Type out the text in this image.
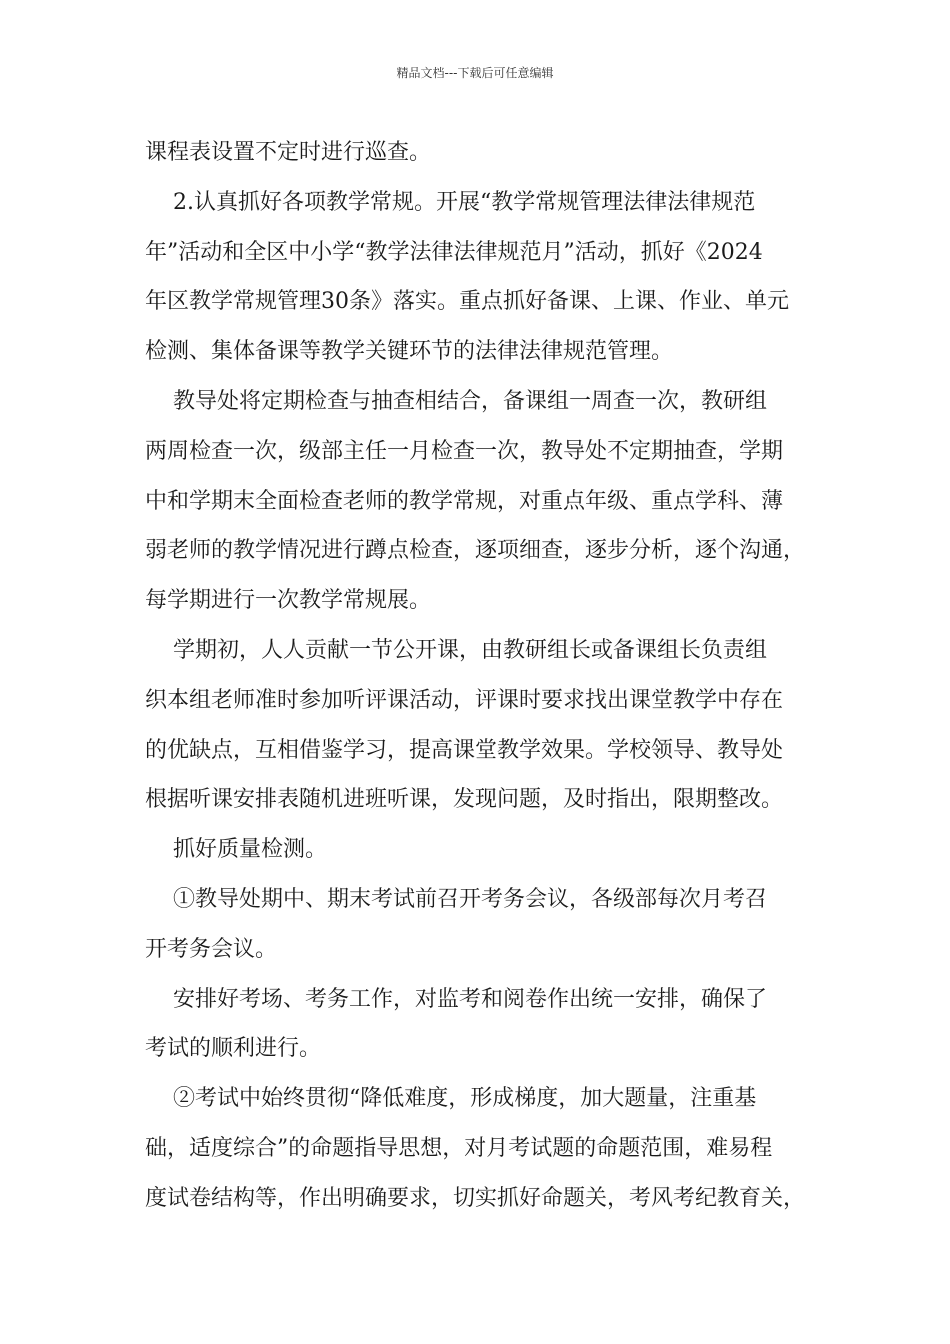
精品文档---下载后可任意编辑
课程表设置不定时进行巡查。
2.认真抓好各项教学常规。开展“教学常规管理法律法律规范
年”活动和全区中小学“教学法律法律规范月”活动，抓好《2024
年区教学常规管理30条》落实。重点抓好备课、上课、作业、单元
检测、集体备课等教学关键环节的法律法律规范管理。
教导处将定期检查与抽查相结合，备课组一周查一次，教研组
两周检查一次，级部主任一月检查一次，教导处不定期抽查，学期
中和学期末全面检查老师的教学常规，对重点年级、重点学科、薄
弱老师的教学情况进行蹲点检查，逐项细查，逐步分析，逐个沟通，
每学期进行一次教学常规展。
学期初，人人贡献一节公开课，由教研组长或备课组长负责组
织本组老师准时参加听评课活动，评课时要求找出课堂教学中存在
的优缺点，互相借鉴学习，提高课堂教学效果。学校领导、教导处
根据听课安排表随机进班听课，发现问题，及时指出，限期整改。
抓好质量检测。
①教导处期中、期末考试前召开考务会议，各级部每次月考召
开考务会议。
安排好考场、考务工作，对监考和阅卷作出统一安排，确保了
考试的顺利进行。
②考试中始终贯彻“降低难度，形成梯度，加大题量，注重基
础，适度综合”的命题指导思想，对月考试题的命题范围，难易程
度试卷结构等，作出明确要求，切实抓好命题关，考风考纪教育关，
